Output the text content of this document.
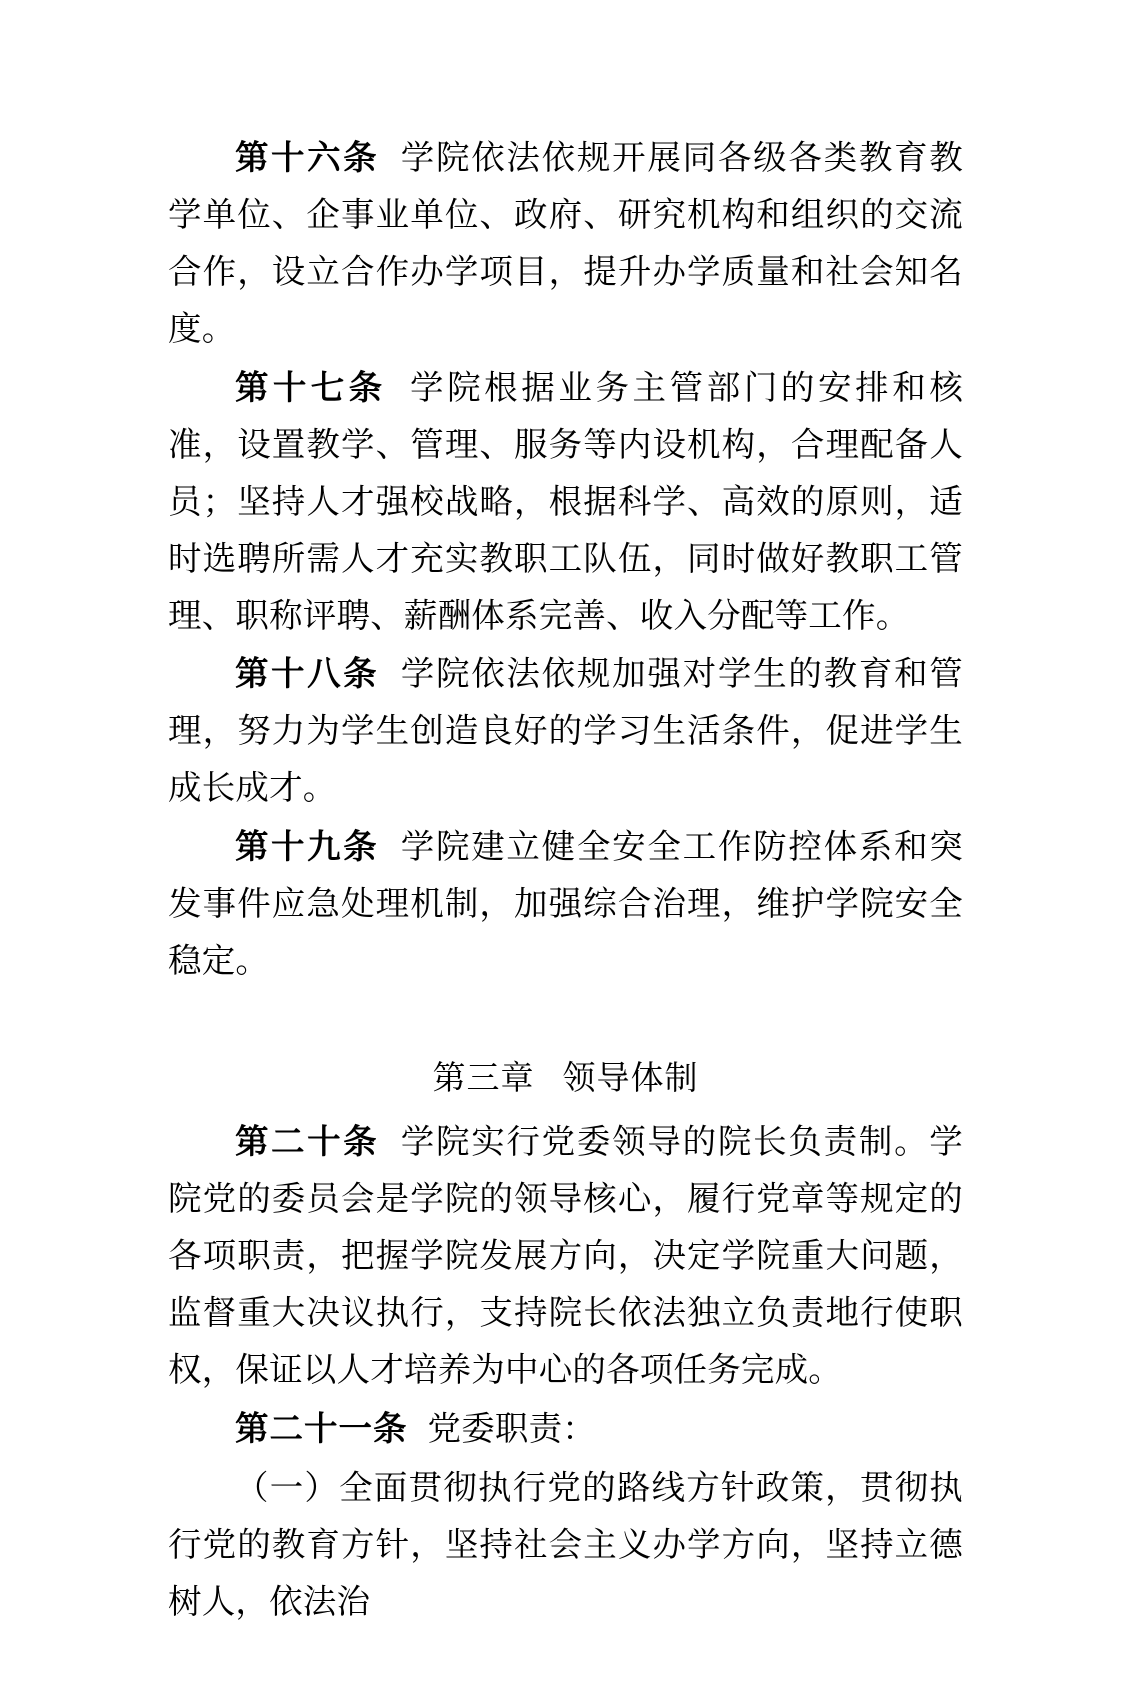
第十六条 学院依法依规开展同各级各类教育教学单位、企事业单位、政府、研究机构和组织的交流合作，设立合作办学项目，提升办学质量和社会知名度。

第十七条 学院根据业务主管部门的安排和核准，设置教学、管理、服务等内设机构，合理配备人员；坚持人才强校战略，根据科学、高效的原则，适时选聘所需人才充实教职工队伍，同时做好教职工管理、职称评聘、薪酬体系完善、收入分配等工作。

第十八条 学院依法依规加强对学生的教育和管理，努力为学生创造良好的学习生活条件，促进学生成长成才。

第十九条 学院建立健全安全工作防控体系和突发事件应急处理机制，加强综合治理，维护学院安全稳定。

第三章 领导体制

第二十条 学院实行党委领导的院长负责制。学院党的委员会是学院的领导核心，履行党章等规定的各项职责，把握学院发展方向，决定学院重大问题，监督重大决议执行，支持院长依法独立负责地行使职权，保证以人才培养为中心的各项任务完成。

第二十一条 党委职责：

（一）全面贯彻执行党的路线方针政策，贯彻执行党的教育方针，坚持社会主义办学方向，坚持立德树人，依法治
